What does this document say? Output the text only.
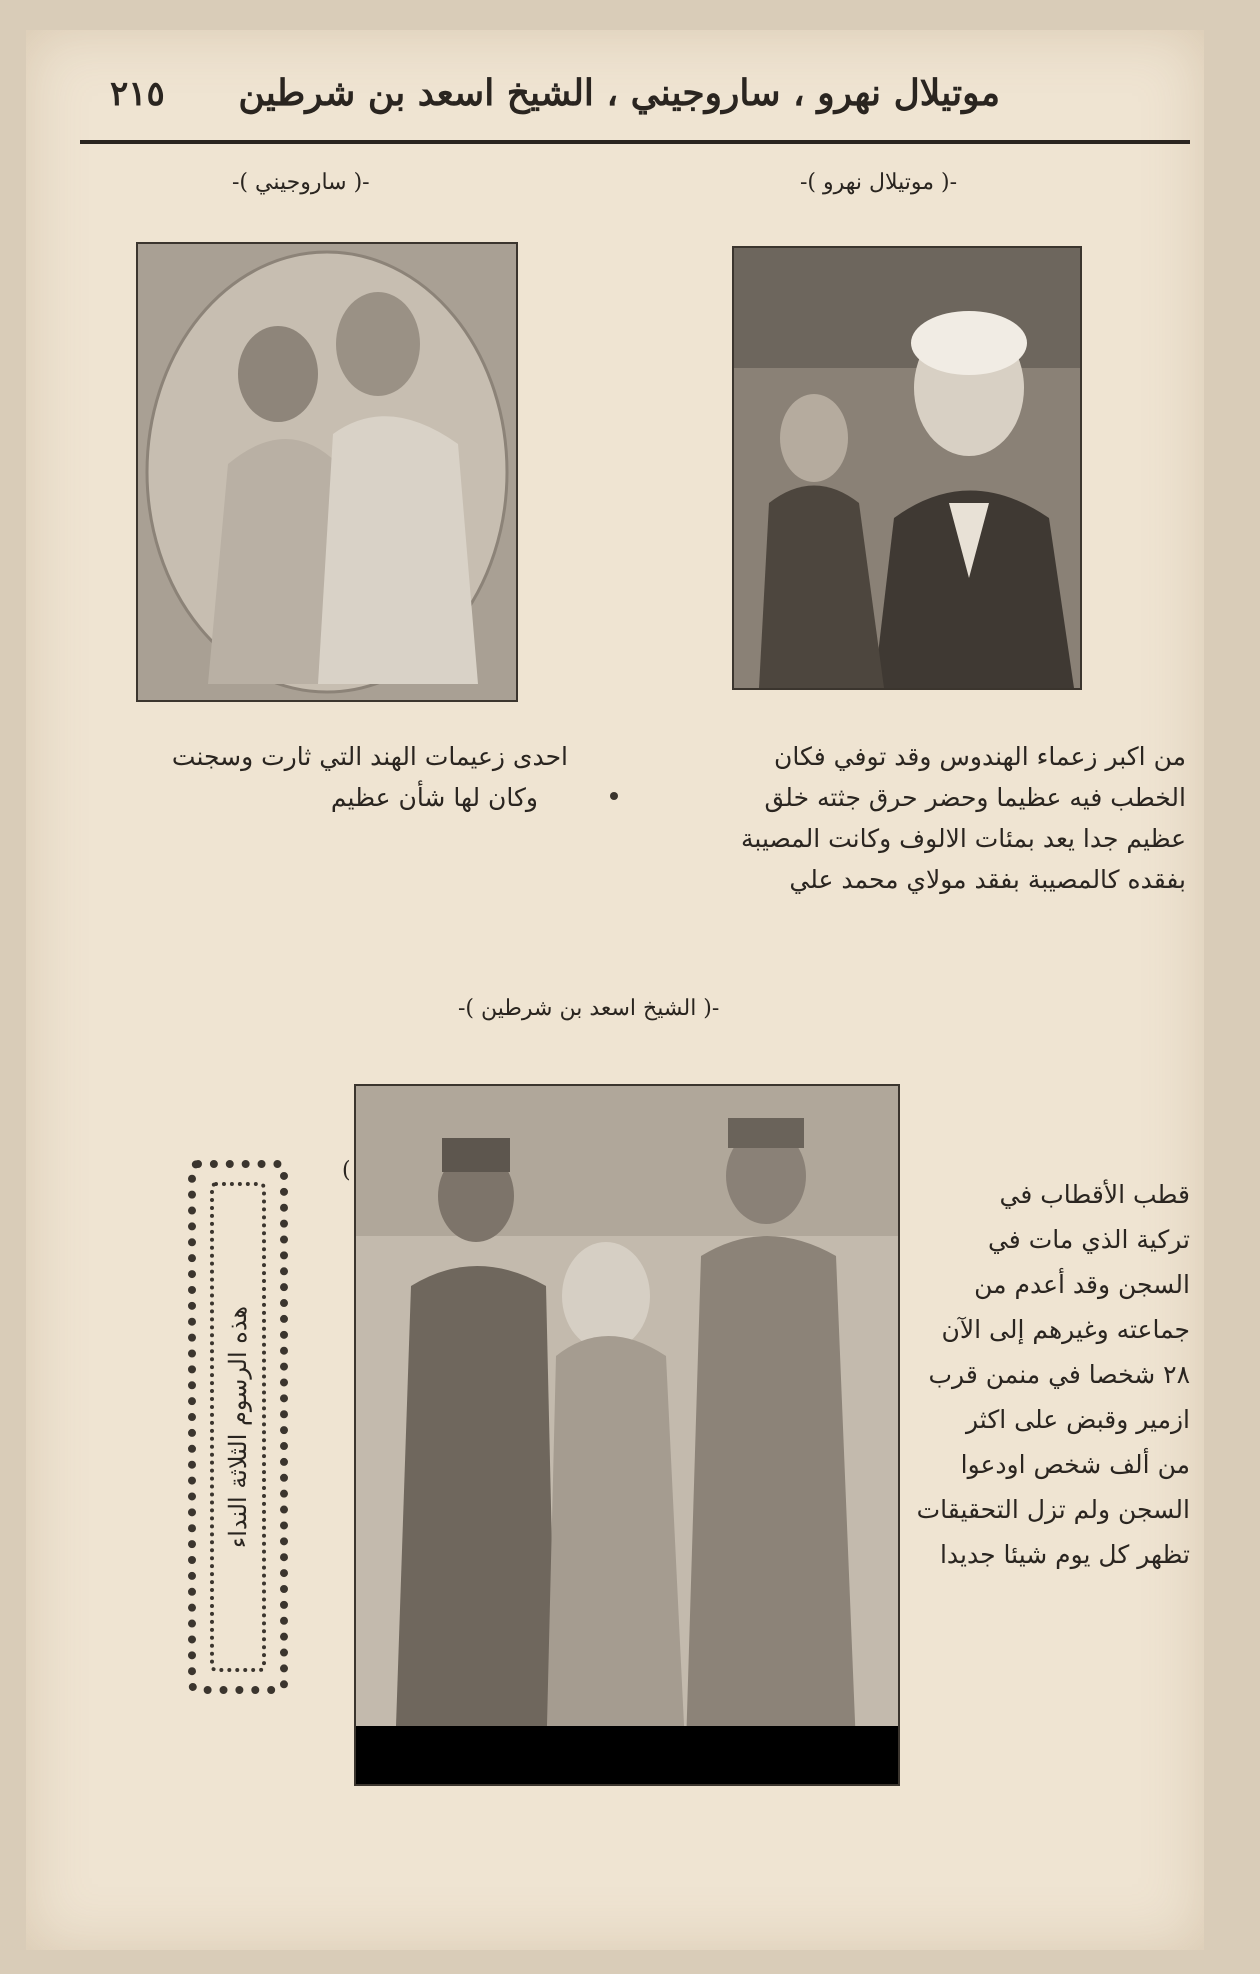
٢١٥ موتيلال نهرو ، ساروجيني ، الشيخ اسعد بن شرطين
-( موتيلال نهرو )-
من اكبر زعماء الهندوس وقد توفي فكان
الخطب فيه عظيما وحضر حرق جثته خلق
عظيم جدا يعد بمئات الالوف وكانت المصيبة
بفقده كالمصيبة بفقد مولاي محمد علي
-( ساروجيني )-
احدى زعيمات الهند التي ثارت وسجنت
وكان لها شأن عظيم
-( الشيخ اسعد بن شرطين )-
(
هذه الرسوم الثلاثة النداء
قطب الأقطاب في
تركية الذي مات في
السجن وقد أعدم من
جماعته وغيرهم إلى الآن
٢٨ شخصا في منمن قرب
ازمير وقبض على اكثر
من ألف شخص اودعوا
السجن ولم تزل التحقيقات
تظهر كل يوم شيئا جديدا
